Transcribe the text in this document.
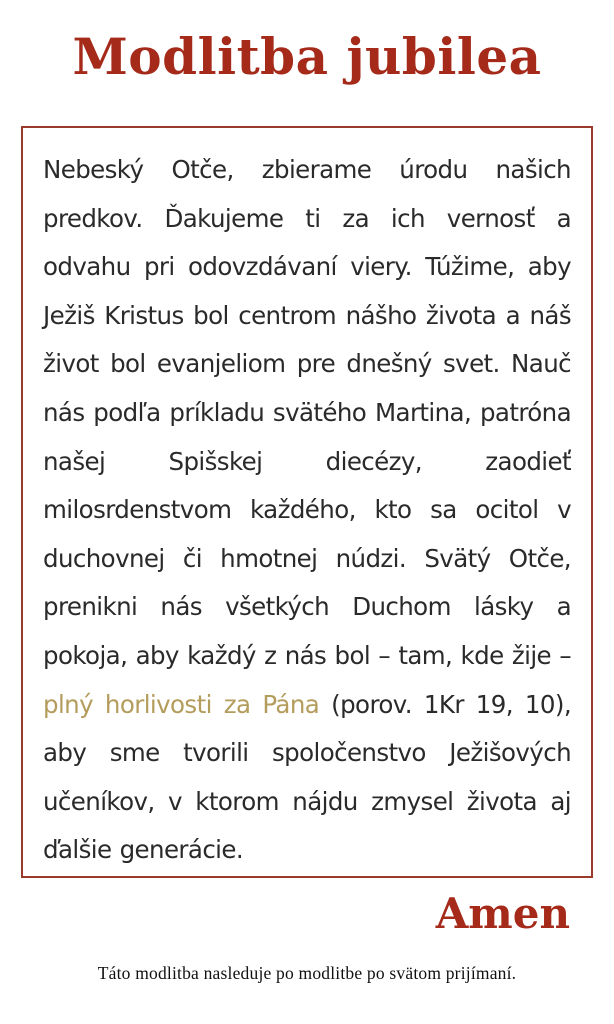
Modlitba jubilea

Nebeský Otče, zbierame úrodu našich predkov. Ďakujeme ti za ich vernosť a odvahu pri odovzdávaní viery. Túžime, aby Ježiš Kristus bol centrom nášho života a náš život bol evanjeliom pre dnešný svet. Nauč nás podľa príkladu svätého Martina, patróna našej Spišskej diecézy, zaodieť milosrdenstvom každého, kto sa ocitol v duchovnej či hmotnej núdzi. Svätý Otče, prenikni nás všetkých Duchom lásky a pokoja, aby každý z nás bol – tam, kde žije – plný horlivosti za Pána (porov. 1Kr 19, 10), aby sme tvorili spoločenstvo Ježišových učeníkov, v ktorom nájdu zmysel života aj ďalšie generácie.

Amen
Táto modlitba nasleduje po modlitbe po svätom prijímaní.
